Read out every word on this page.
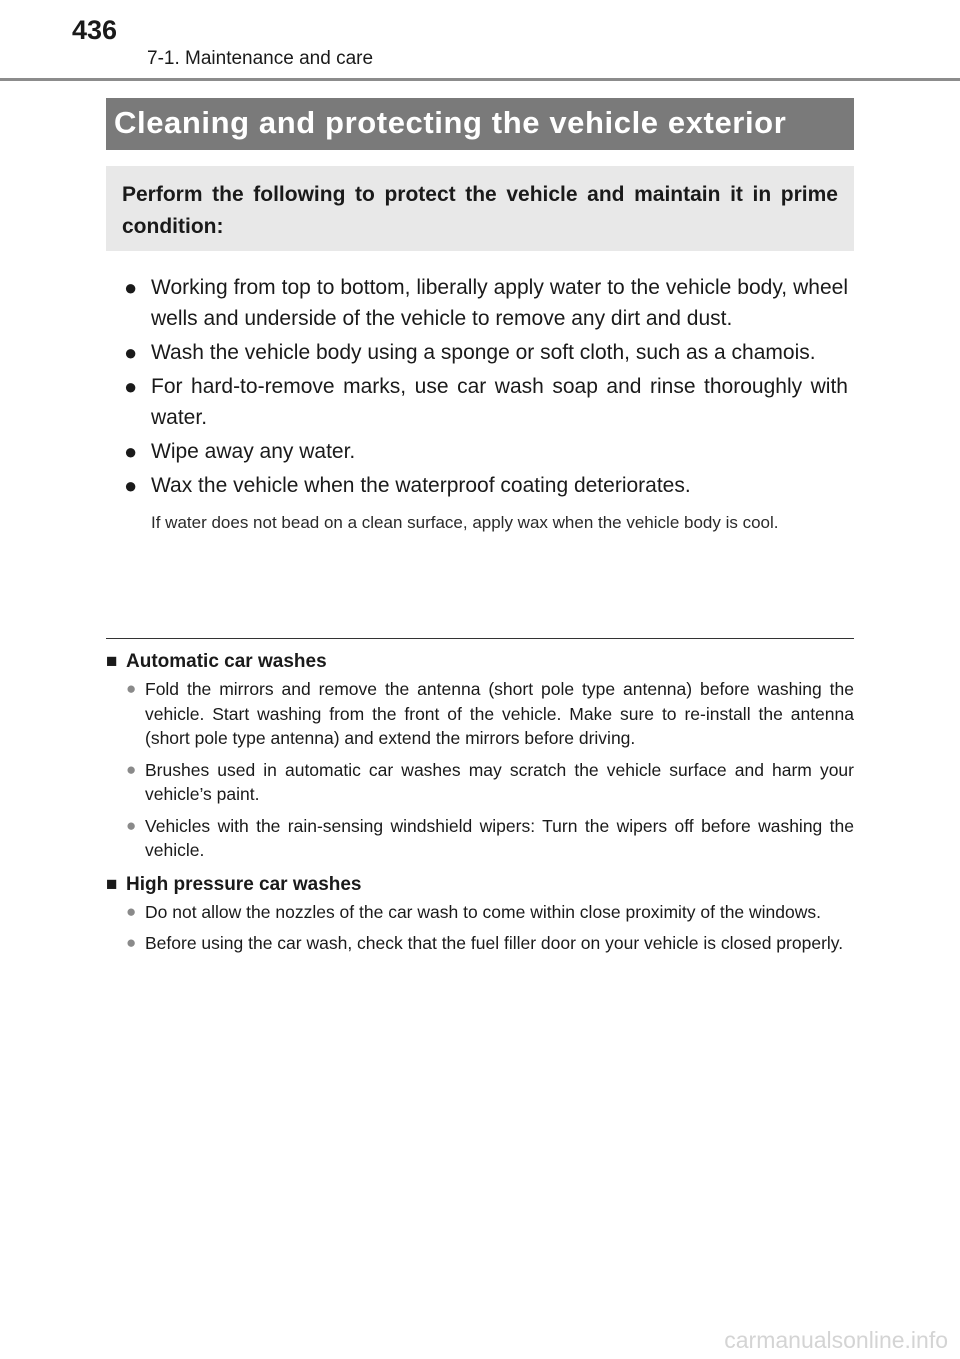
436
7-1. Maintenance and care
Cleaning and protecting the vehicle exterior
Perform the following to protect the vehicle and maintain it in prime condition:
● Working from top to bottom, liberally apply water to the vehicle body, wheel wells and underside of the vehicle to remove any dirt and dust.
● Wash the vehicle body using a sponge or soft cloth, such as a chamois.
● For hard-to-remove marks, use car wash soap and rinse thoroughly with water.
● Wipe away any water.
● Wax the vehicle when the waterproof coating deteriorates.
If water does not bead on a clean surface, apply wax when the vehicle body is cool.
■ Automatic car washes
● Fold the mirrors and remove the antenna (short pole type antenna) before washing the vehicle. Start washing from the front of the vehicle. Make sure to re-install the antenna (short pole type antenna) and extend the mirrors before driving.
● Brushes used in automatic car washes may scratch the vehicle surface and harm your vehicle’s paint.
● Vehicles with the rain-sensing windshield wipers: Turn the wipers off before washing the vehicle.
■ High pressure car washes
● Do not allow the nozzles of the car wash to come within close proximity of the windows.
● Before using the car wash, check that the fuel filler door on your vehicle is closed properly.
carmanualsonline.info
